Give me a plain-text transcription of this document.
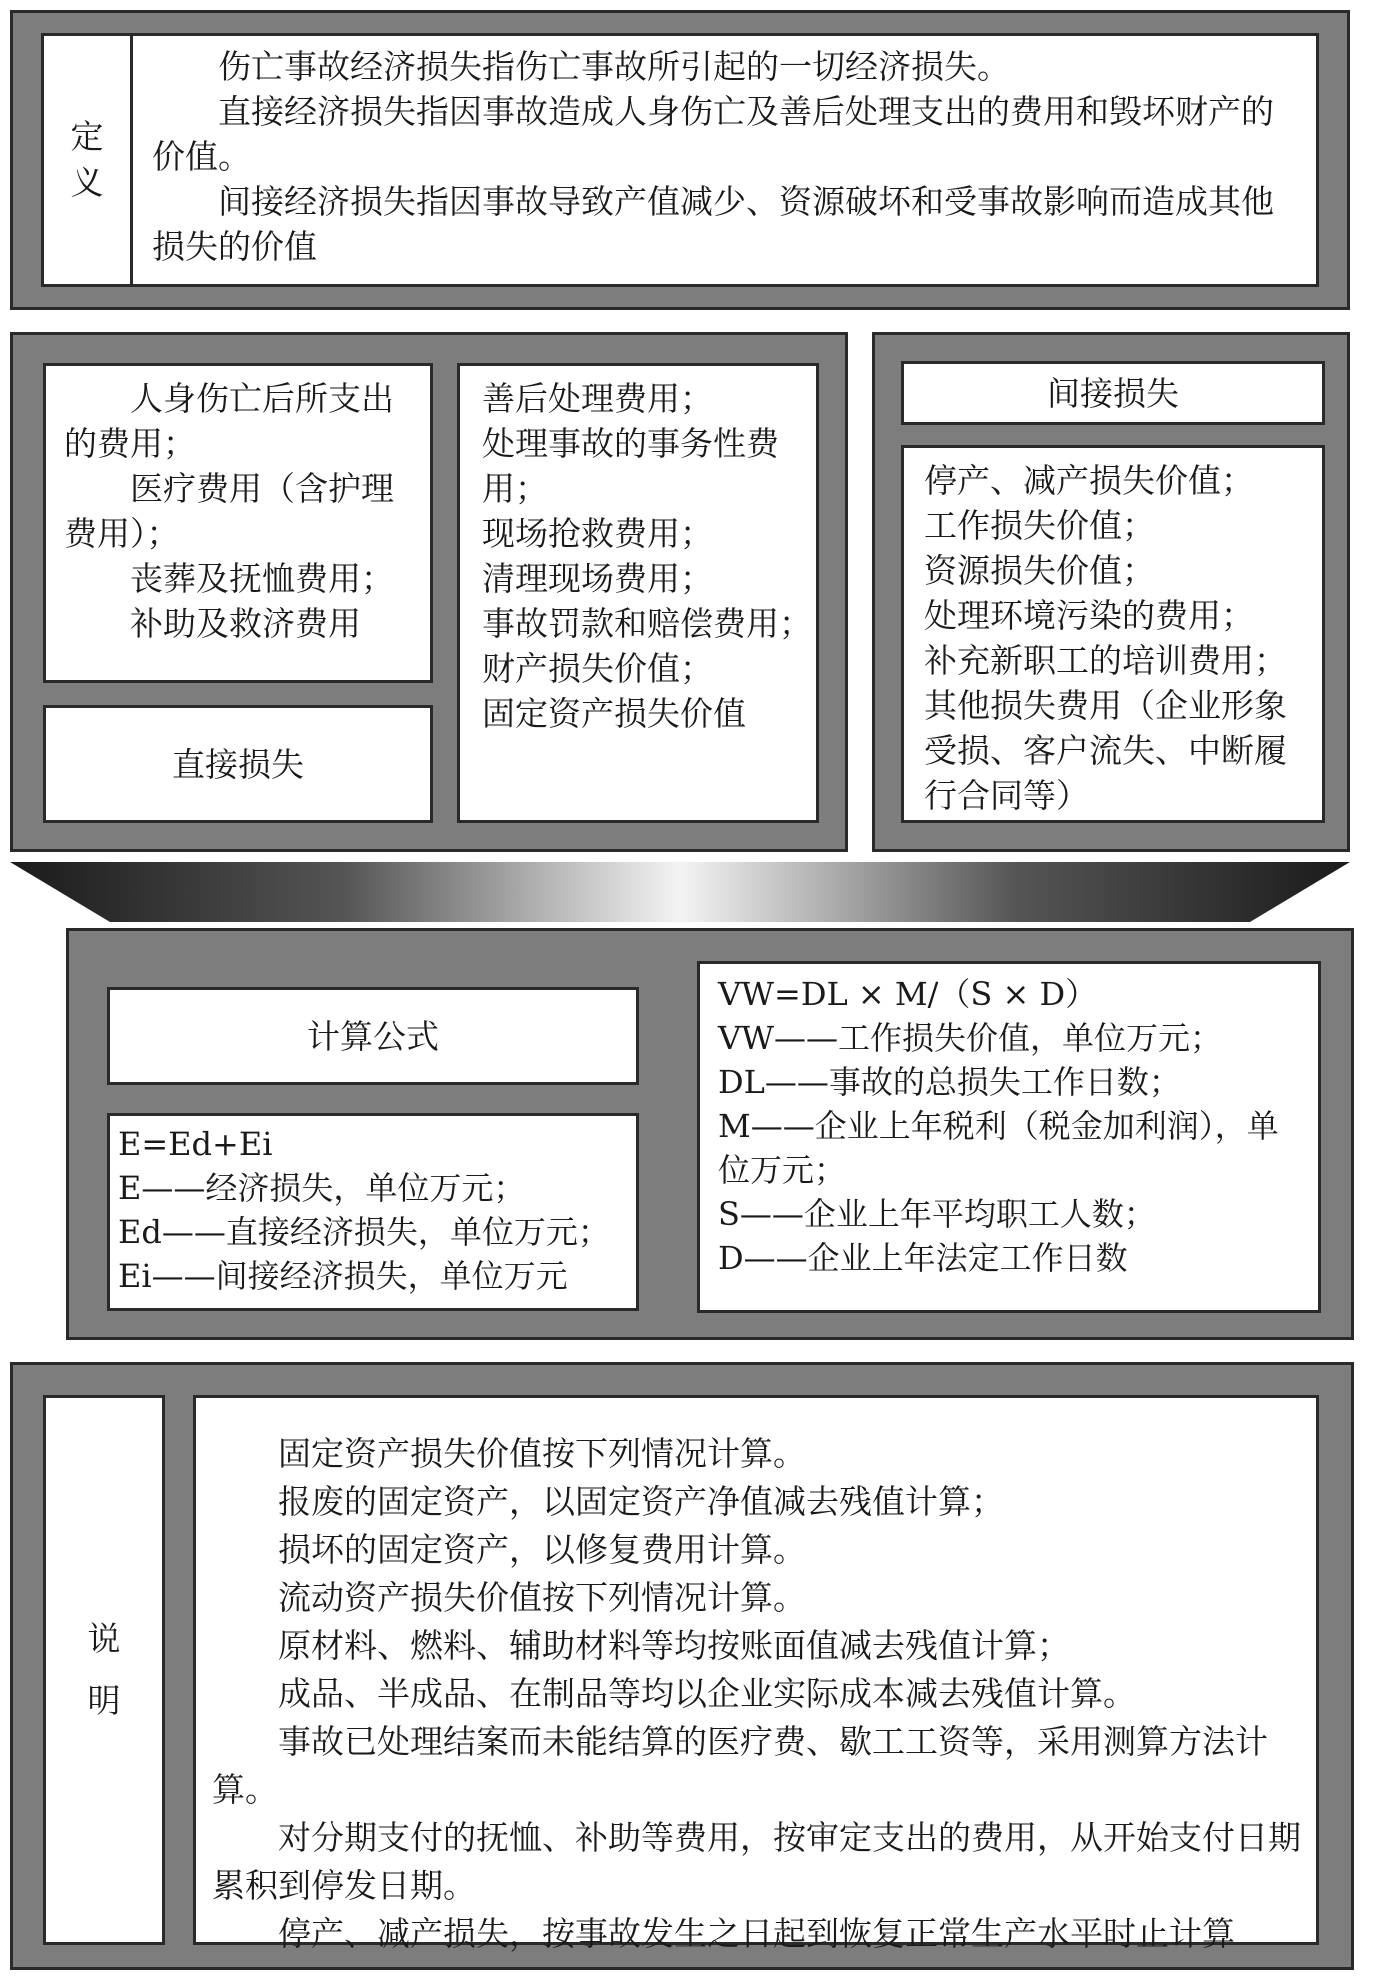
定
义

伤亡事故经济损失指伤亡事故所引起的一切经济损失。

直接经济损失指因事故造成人身伤亡及善后处理支出的费用和毁坏财产的价值。

间接经济损失指因事故导致产值减少、资源破坏和受事故影响而造成其他损失的价值

人身伤亡后所支出的费用；

医疗费用（含护理费用）；

丧葬及抚恤费用；

补助及救济费用

直接损失

善后处理费用；

处理事故的事务性费用；

现场抢救费用；

清理现场费用；

事故罚款和赔偿费用；

财产损失价值；

固定资产损失价值

间接损失

停产、减产损失价值；

工作损失价值；

资源损失价值；

处理环境污染的费用；

补充新职工的培训费用；

其他损失费用（企业形象受损、客户流失、中断履行合同等）

计算公式

E=Ed+Ei

E——经济损失，单位万元；

Ed——直接经济损失，单位万元；

Ei——间接经济损失，单位万元

VW=DL × M/（S × D）

VW——工作损失价值，单位万元；

DL——事故的总损失工作日数；

M——企业上年税利（税金加利润），单位万元；

S——企业上年平均职工人数；

D——企业上年法定工作日数

说
明

固定资产损失价值按下列情况计算。

报废的固定资产，以固定资产净值减去残值计算；

损坏的固定资产，以修复费用计算。

流动资产损失价值按下列情况计算。

原材料、燃料、辅助材料等均按账面值减去残值计算；

成品、半成品、在制品等均以企业实际成本减去残值计算。

事故已处理结案而未能结算的医疗费、歇工工资等，采用测算方法计算。

对分期支付的抚恤、补助等费用，按审定支出的费用，从开始支付日期累积到停发日期。

停产、减产损失，按事故发生之日起到恢复正常生产水平时止计算
